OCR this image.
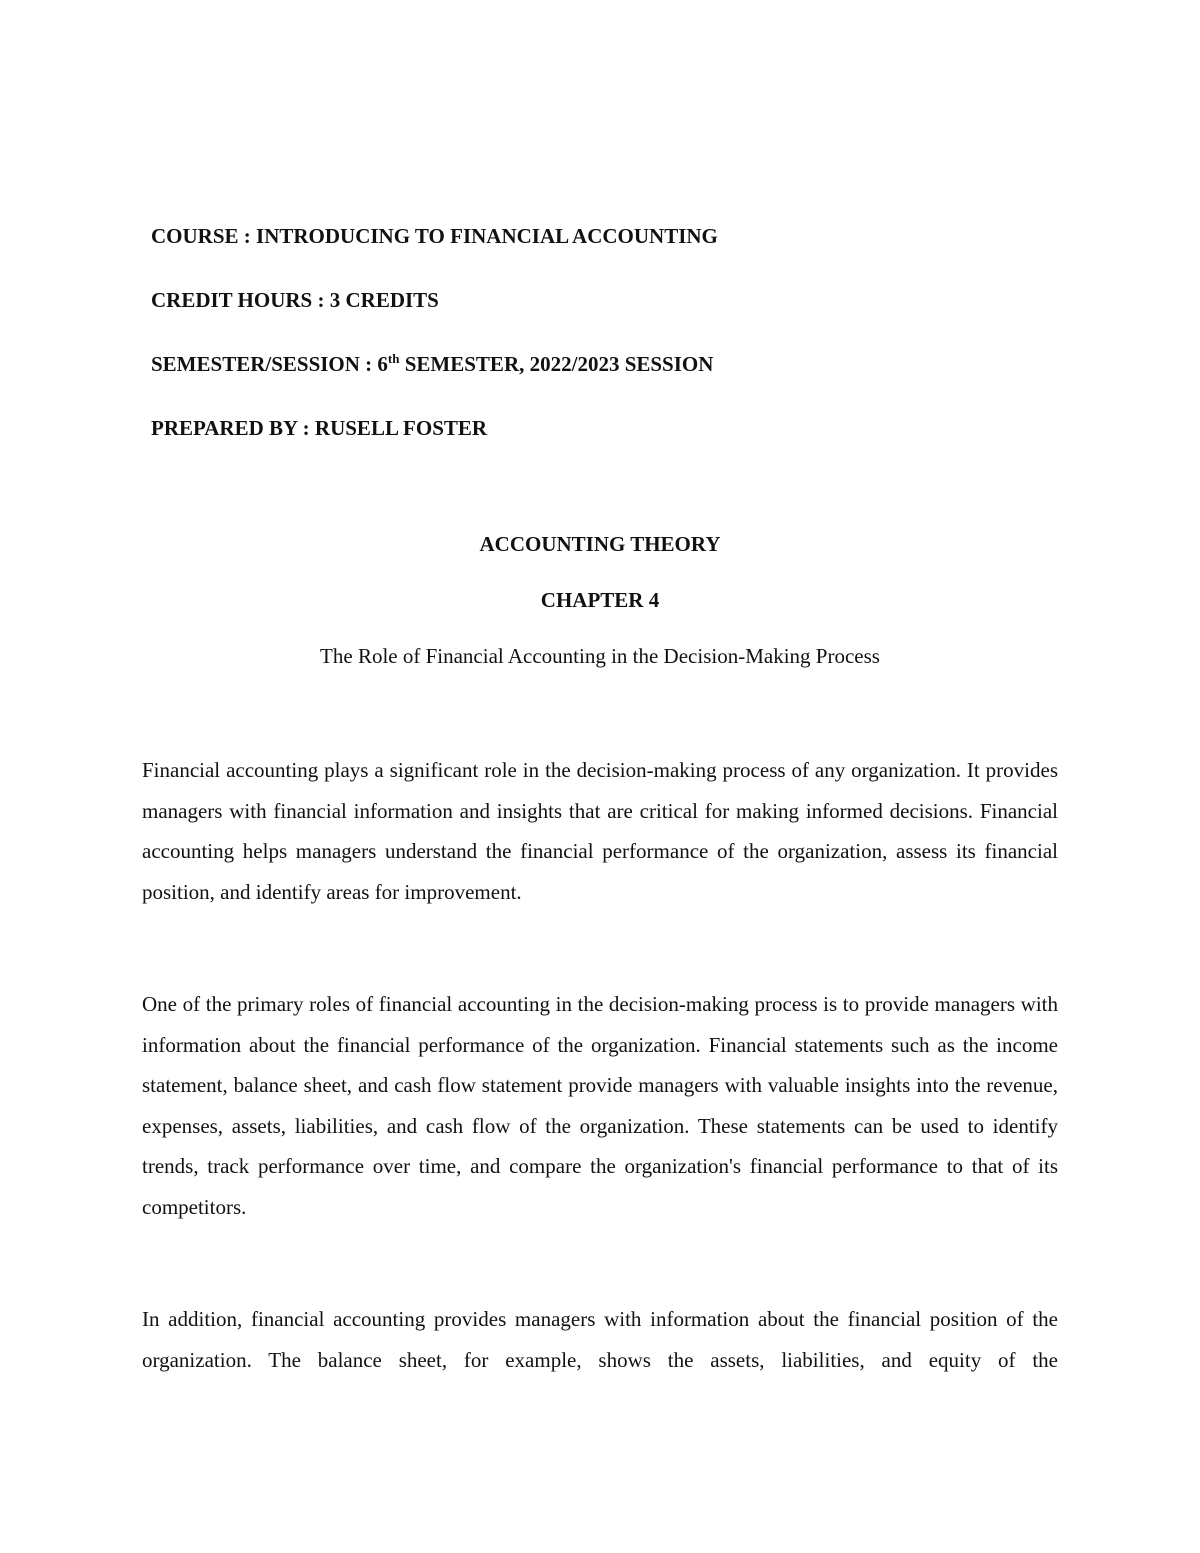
COURSE : INTRODUCING TO FINANCIAL ACCOUNTING
CREDIT HOURS : 3 CREDITS
SEMESTER/SESSION : 6th SEMESTER, 2022/2023 SESSION
PREPARED BY : RUSELL FOSTER
ACCOUNTING THEORY
CHAPTER 4
The Role of Financial Accounting in the Decision-Making Process

Financial accounting plays a significant role in the decision-making process of any organization. It provides managers with financial information and insights that are critical for making informed decisions. Financial accounting helps managers understand the financial performance of the organization, assess its financial position, and identify areas for improvement.

One of the primary roles of financial accounting in the decision-making process is to provide managers with information about the financial performance of the organization. Financial statements such as the income statement, balance sheet, and cash flow statement provide managers with valuable insights into the revenue, expenses, assets, liabilities, and cash flow of the organization. These statements can be used to identify trends, track performance over time, and compare the organization's financial performance to that of its competitors.

In addition, financial accounting provides managers with information about the financial position of the organization. The balance sheet, for example, shows the assets, liabilities, and equity of the
